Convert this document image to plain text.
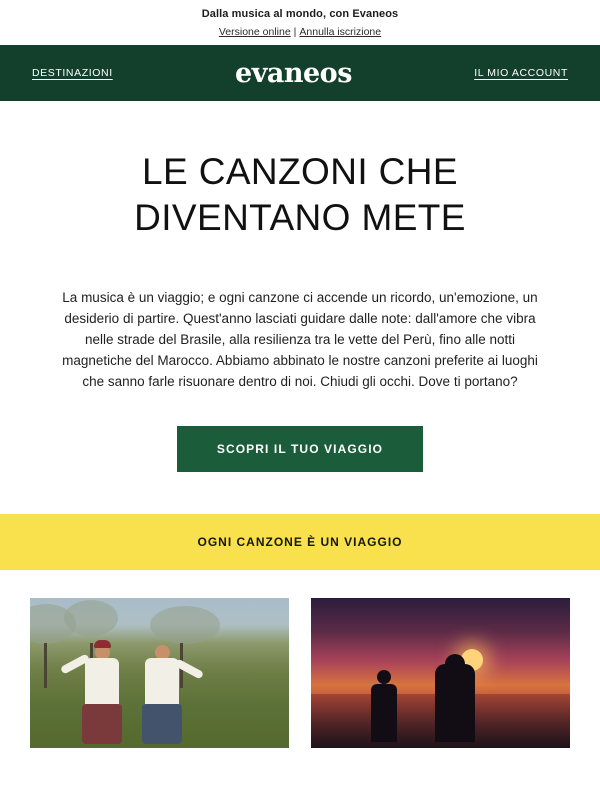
Dalla musica al mondo, con Evaneos
Versione online | Annulla iscrizione
DESTINAZIONI	evaneos	IL MIO ACCOUNT
LE CANZONI CHE
DIVENTANO METE

La musica è un viaggio; e ogni canzone ci accende un ricordo, un'emozione, un desiderio di partire. Quest'anno lasciati guidare dalle note: dall'amore che vibra nelle strade del Brasile, alla resilienza tra le vette del Perù, fino alle notti magnetiche del Marocco. Abbiamo abbinato le nostre canzoni preferite ai luoghi che sanno farle risuonare dentro di noi. Chiudi gli occhi. Dove ti portano?

SCOPRI IL TUO VIAGGIO
OGNI CANZONE È UN VIAGGIO
